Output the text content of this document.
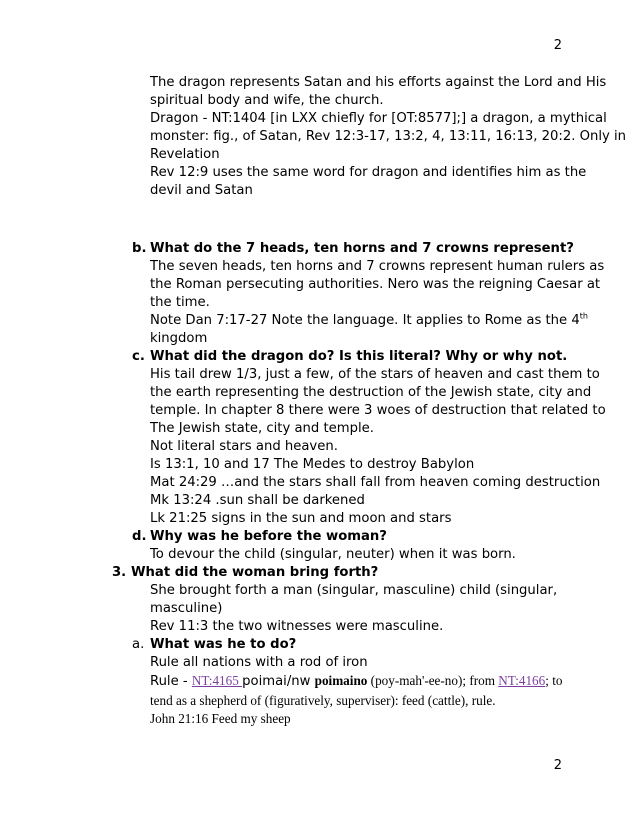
2
The dragon represents Satan and his efforts against the Lord and His
spiritual body and wife, the church.
Dragon - NT:1404 [in LXX chiefly for [OT:8577];] a dragon, a mythical
monster: fig., of Satan, Rev 12:3-17, 13:2, 4, 13:11, 16:13, 20:2. Only in
Revelation
Rev 12:9 uses the same word for dragon and identifies him as the
devil and Satan
b. What do the 7 heads, ten horns and 7 crowns represent?
The seven heads, ten horns and 7 crowns represent human rulers as
the Roman persecuting authorities. Nero was the reigning Caesar at
the time.
Note Dan 7:17-27 Note the language. It applies to Rome as the 4th
kingdom
c. What did the dragon do? Is this literal? Why or why not.
His tail drew 1/3, just a few, of the stars of heaven and cast them to
the earth representing the destruction of the Jewish state, city and
temple. In chapter 8 there were 3 woes of destruction that related to
The Jewish state, city and temple.
Not literal stars and heaven.
Is 13:1, 10 and 17 The Medes to destroy Babylon
Mat 24:29 …and the stars shall fall from heaven coming destruction
Mk 13:24 .sun shall be darkened
Lk 21:25 signs in the sun and moon and stars
d. Why was he before the woman?
To devour the child (singular, neuter) when it was born.
3. What did the woman bring forth?
She brought forth a man (singular, masculine) child (singular,
masculine)
Rev 11:3 the two witnesses were masculine.
a. What was he to do?
Rule all nations with a rod of iron
Rule - NT:4165 poimai/nw poimaino (poy-mah'-ee-no); from NT:4166; to
tend as a shepherd of (figuratively, superviser): feed (cattle), rule.
John 21:16 Feed my sheep
2
